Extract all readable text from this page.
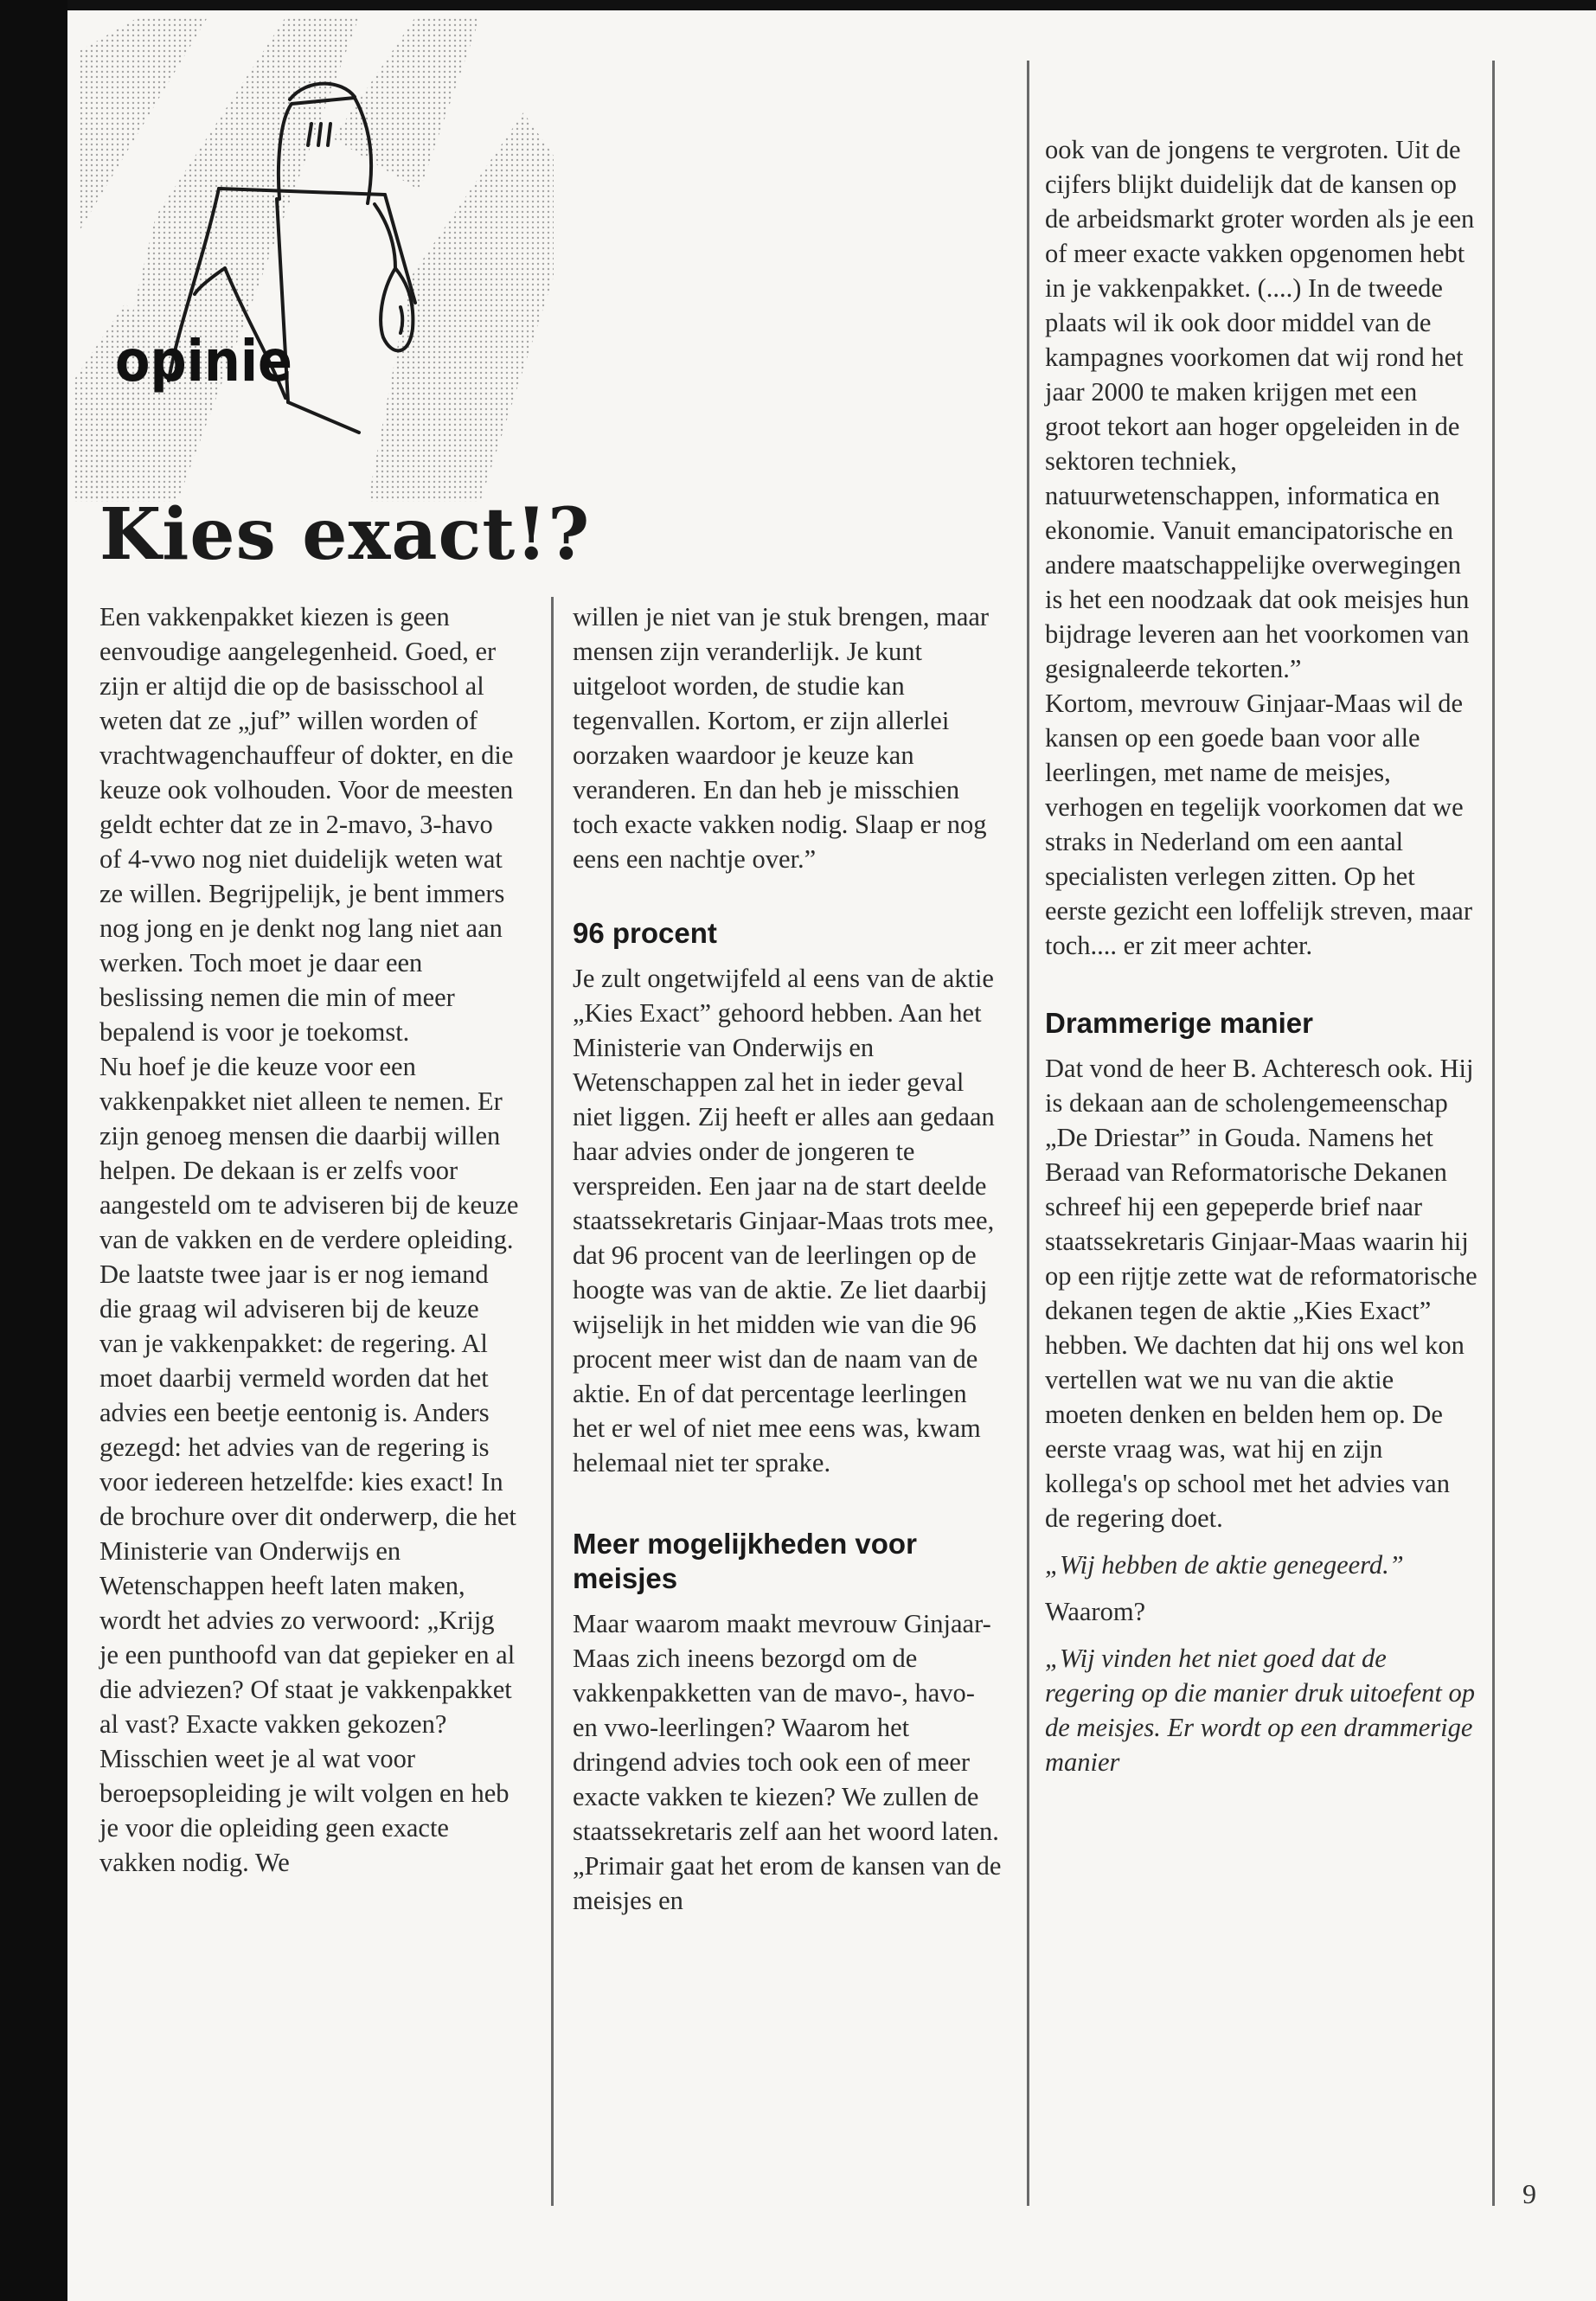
opinie
Kies exact!?

Een vakkenpakket kiezen is geen eenvoudige aangelegenheid. Goed, er zijn er altijd die op de basisschool al weten dat ze „juf” willen worden of vrachtwagenchauffeur of dokter, en die keuze ook volhouden. Voor de meesten geldt echter dat ze in 2-mavo, 3-havo of 4-vwo nog niet duidelijk weten wat ze willen. Begrijpelijk, je bent immers nog jong en je denkt nog lang niet aan werken. Toch moet je daar een beslissing nemen die min of meer bepalend is voor je toekomst.

Nu hoef je die keuze voor een vakkenpakket niet alleen te nemen. Er zijn genoeg mensen die daarbij willen helpen. De dekaan is er zelfs voor aangesteld om te adviseren bij de keuze van de vakken en de verdere opleiding.

De laatste twee jaar is er nog iemand die graag wil adviseren bij de keuze van je vakkenpakket: de regering. Al moet daarbij vermeld worden dat het advies een beetje eentonig is. Anders gezegd: het advies van de regering is voor iedereen hetzelfde: kies exact! In de brochure over dit onderwerp, die het Ministerie van Onderwijs en Wetenschappen heeft laten maken, wordt het advies zo verwoord: „Krijg je een punthoofd van dat gepieker en al die adviezen? Of staat je vakkenpakket al vast? Exacte vakken gekozen? Misschien weet je al wat voor beroepsopleiding je wilt volgen en heb je voor die opleiding geen exacte vakken nodig. We

willen je niet van je stuk brengen, maar mensen zijn veranderlijk. Je kunt uitgeloot worden, de studie kan tegenvallen. Kortom, er zijn allerlei oorzaken waardoor je keuze kan veranderen. En dan heb je misschien toch exacte vakken nodig. Slaap er nog eens een nachtje over.”

96 procent

Je zult ongetwijfeld al eens van de aktie „Kies Exact” gehoord hebben. Aan het Ministerie van Onderwijs en Wetenschappen zal het in ieder geval niet liggen. Zij heeft er alles aan gedaan haar advies onder de jongeren te verspreiden. Een jaar na de start deelde staatssekretaris Ginjaar-Maas trots mee, dat 96 procent van de leerlingen op de hoogte was van de aktie. Ze liet daarbij wijselijk in het midden wie van die 96 procent meer wist dan de naam van de aktie. En of dat percentage leerlingen het er wel of niet mee eens was, kwam helemaal niet ter sprake.

Meer mogelijkheden voor meisjes

Maar waarom maakt mevrouw Ginjaar-Maas zich ineens bezorgd om de vakkenpakketten van de mavo-, havo- en vwo-leerlingen? Waarom het dringend advies toch ook een of meer exacte vakken te kiezen? We zullen de staatssekretaris zelf aan het woord laten. „Primair gaat het erom de kansen van de meisjes en

ook van de jongens te vergroten. Uit de cijfers blijkt duidelijk dat de kansen op de arbeidsmarkt groter worden als je een of meer exacte vakken opgenomen hebt in je vakkenpakket. (....) In de tweede plaats wil ik ook door middel van de kampagnes voorkomen dat wij rond het jaar 2000 te maken krijgen met een groot tekort aan hoger opgeleiden in de sektoren techniek, natuurwetenschappen, informatica en ekonomie. Vanuit emancipatorische en andere maatschappelijke overwegingen is het een noodzaak dat ook meisjes hun bijdrage leveren aan het voorkomen van gesignaleerde tekorten.”

Kortom, mevrouw Ginjaar-Maas wil de kansen op een goede baan voor alle leerlingen, met name de meisjes, verhogen en tegelijk voorkomen dat we straks in Nederland om een aantal specialisten verlegen zitten. Op het eerste gezicht een loffelijk streven, maar toch.... er zit meer achter.

Drammerige manier

Dat vond de heer B. Achteresch ook. Hij is dekaan aan de scholengemeenschap „De Driestar” in Gouda. Namens het Beraad van Reformatorische Dekanen schreef hij een gepeperde brief naar staatssekretaris Ginjaar-Maas waarin hij op een rijtje zette wat de reformatorische dekanen tegen de aktie „Kies Exact” hebben. We dachten dat hij ons wel kon vertellen wat we nu van die aktie moeten denken en belden hem op. De eerste vraag was, wat hij en zijn kollega's op school met het advies van de regering doet.

„Wij hebben de aktie genegeerd.”

Waarom?

„Wij vinden het niet goed dat de regering op die manier druk uitoefent op de meisjes. Er wordt op een drammerige manier

9
